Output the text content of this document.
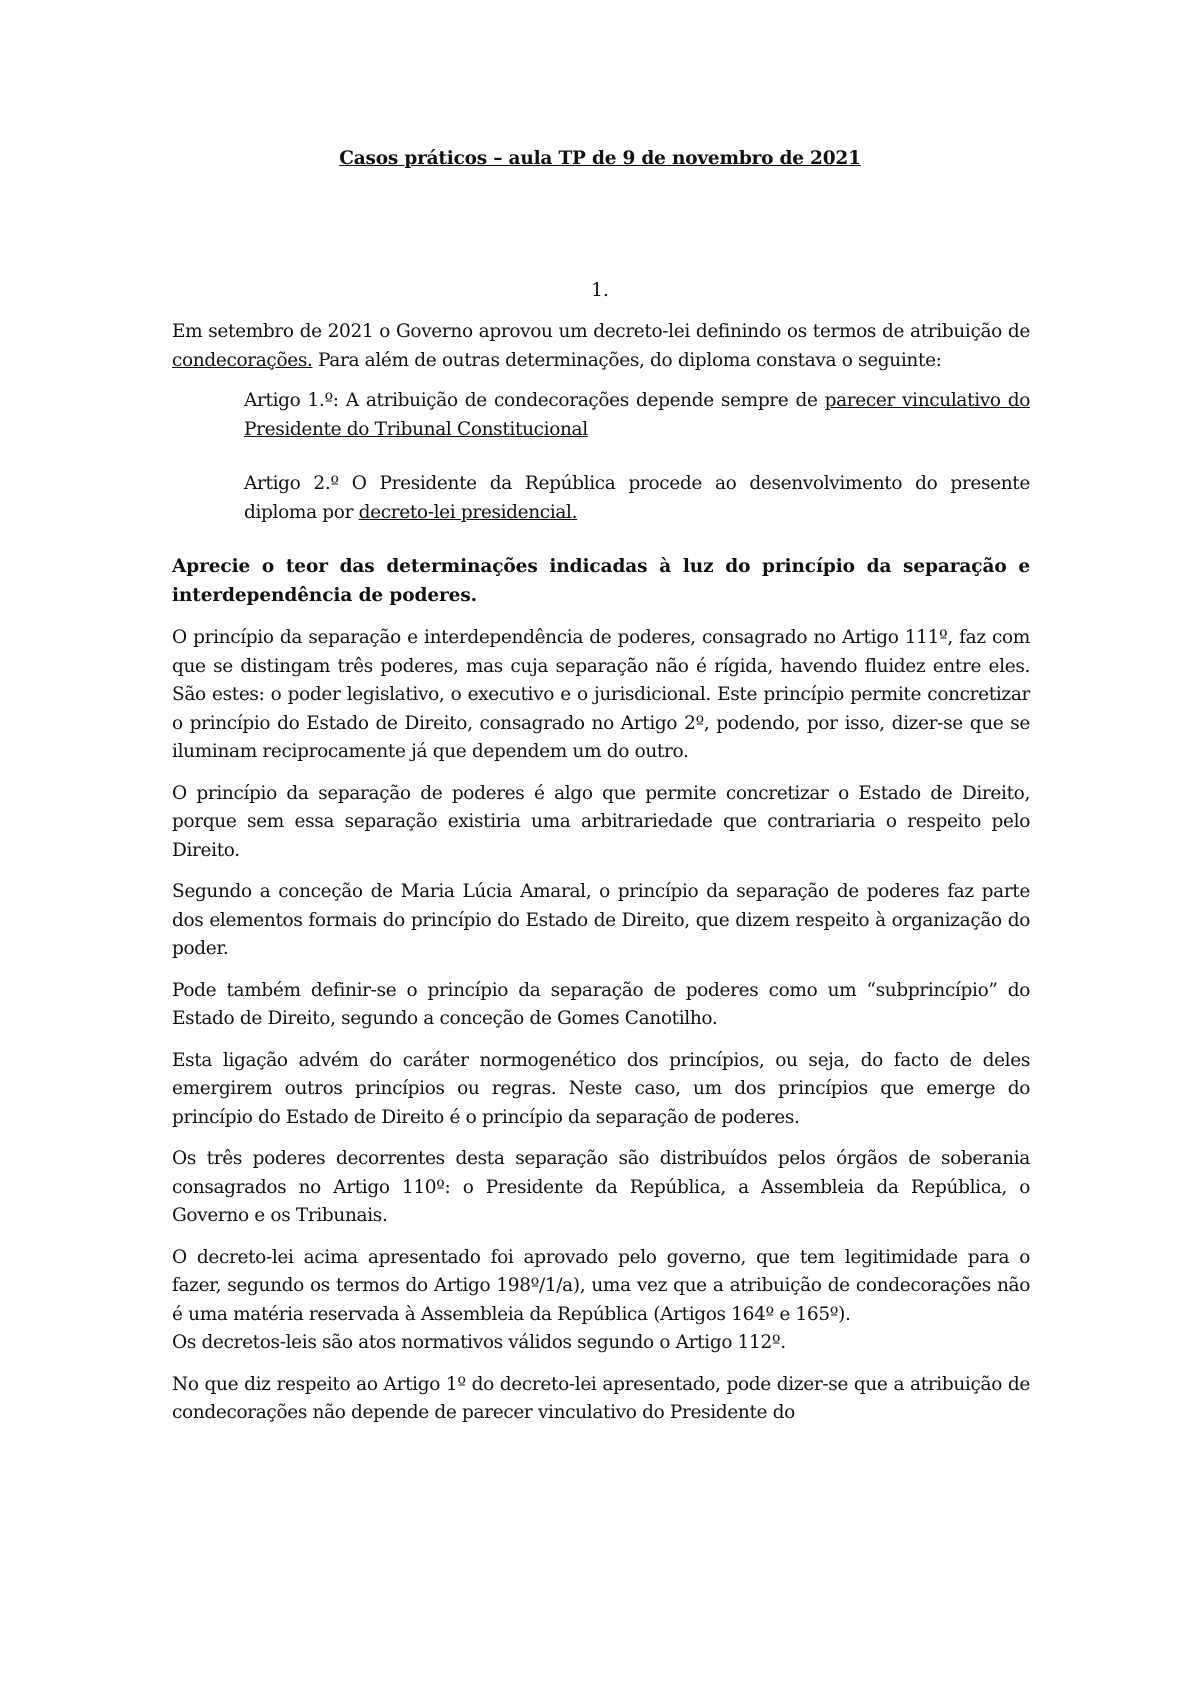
Casos práticos – aula TP de 9 de novembro de 2021
1.

Em setembro de 2021 o Governo aprovou um decreto-lei definindo os termos de atribuição de condecorações. Para além de outras determinações, do diploma constava o seguinte:

Artigo 1.º: A atribuição de condecorações depende sempre de parecer vinculativo do Presidente do Tribunal Constitucional

Artigo 2.º O Presidente da República procede ao desenvolvimento do presente diploma por decreto-lei presidencial.

Aprecie o teor das determinações indicadas à luz do princípio da separação e interdependência de poderes.

O princípio da separação e interdependência de poderes, consagrado no Artigo 111º, faz com que se distingam três poderes, mas cuja separação não é rígida, havendo fluidez entre eles. São estes: o poder legislativo, o executivo e o jurisdicional. Este princípio permite concretizar o princípio do Estado de Direito, consagrado no Artigo 2º, podendo, por isso, dizer-se que se iluminam reciprocamente já que dependem um do outro.

O princípio da separação de poderes é algo que permite concretizar o Estado de Direito, porque sem essa separação existiria uma arbitrariedade que contrariaria o respeito pelo Direito.

Segundo a conceção de Maria Lúcia Amaral, o princípio da separação de poderes faz parte dos elementos formais do princípio do Estado de Direito, que dizem respeito à organização do poder.

Pode também definir-se o princípio da separação de poderes como um “subprincípio” do Estado de Direito, segundo a conceção de Gomes Canotilho.

Esta ligação advém do caráter normogenético dos princípios, ou seja, do facto de deles emergirem outros princípios ou regras. Neste caso, um dos princípios que emerge do princípio do Estado de Direito é o princípio da separação de poderes.

Os três poderes decorrentes desta separação são distribuídos pelos órgãos de soberania consagrados no Artigo 110º: o Presidente da República, a Assembleia da República, o Governo e os Tribunais.

O decreto-lei acima apresentado foi aprovado pelo governo, que tem legitimidade para o fazer, segundo os termos do Artigo 198º/1/a), uma vez que a atribuição de condecorações não é uma matéria reservada à Assembleia da República (Artigos 164º e 165º).

Os decretos-leis são atos normativos válidos segundo o Artigo 112º.

No que diz respeito ao Artigo 1º do decreto-lei apresentado, pode dizer-se que a atribuição de condecorações não depende de parecer vinculativo do Presidente do
